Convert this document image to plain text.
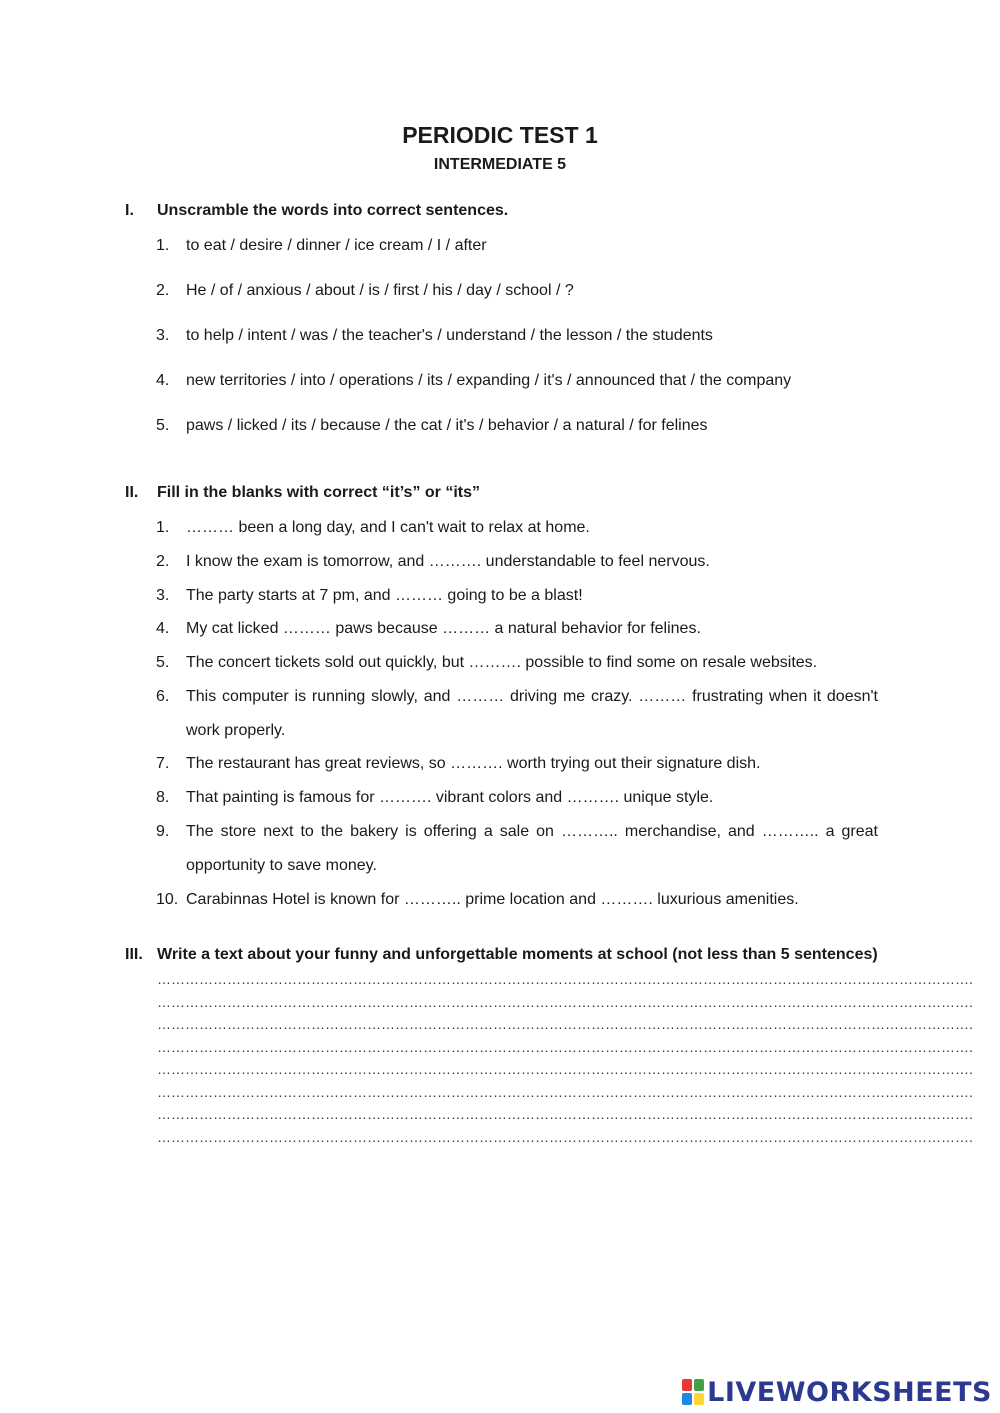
PERIODIC TEST 1
INTERMEDIATE 5
I. Unscramble the words into correct sentences.
1. to eat / desire / dinner / ice cream / I / after
2. He / of / anxious / about / is / first / his / day / school / ?
3. to help / intent / was / the teacher's / understand / the lesson / the students
4. new territories / into / operations / its / expanding / it's / announced that / the company
5. paws / licked / its / because / the cat / it's / behavior / a natural / for felines
II. Fill in the blanks with correct “it’s” or “its”
1. ……… been a long day, and I can't wait to relax at home.
2. I know the exam is tomorrow, and ………. understandable to feel nervous.
3. The party starts at 7 pm, and ……… going to be a blast!
4. My cat licked ……… paws because ……… a natural behavior for felines.
5. The concert tickets sold out quickly, but ………. possible to find some on resale websites.
6. This computer is running slowly, and ……… driving me crazy. ……… frustrating when it doesn't work properly.
7. The restaurant has great reviews, so ………. worth trying out their signature dish.
8. That painting is famous for ………. vibrant colors and ………. unique style.
9. The store next to the bakery is offering a sale on ……….. merchandise, and ……….. a great opportunity to save money.
10. Carabinnas Hotel is known for ……….. prime location and ………. luxurious amenities.
III. Write a text about your funny and unforgettable moments at school (not less than 5 sentences)
………………………………………………………………………………………………………………………………………………………….
………………………………………………………………………………………………………………………………………………………….
………………………………………………………………………………………………………………………………………………………….
………………………………………………………………………………………………………………………………………………………….
………………………………………………………………………………………………………………………………………………………….
………………………………………………………………………………………………………………………………………………………….
………………………………………………………………………………………………………………………………………………………….
………………………………………………………………………………………………………………………………………………………….
LIVEWORKSHEETS
